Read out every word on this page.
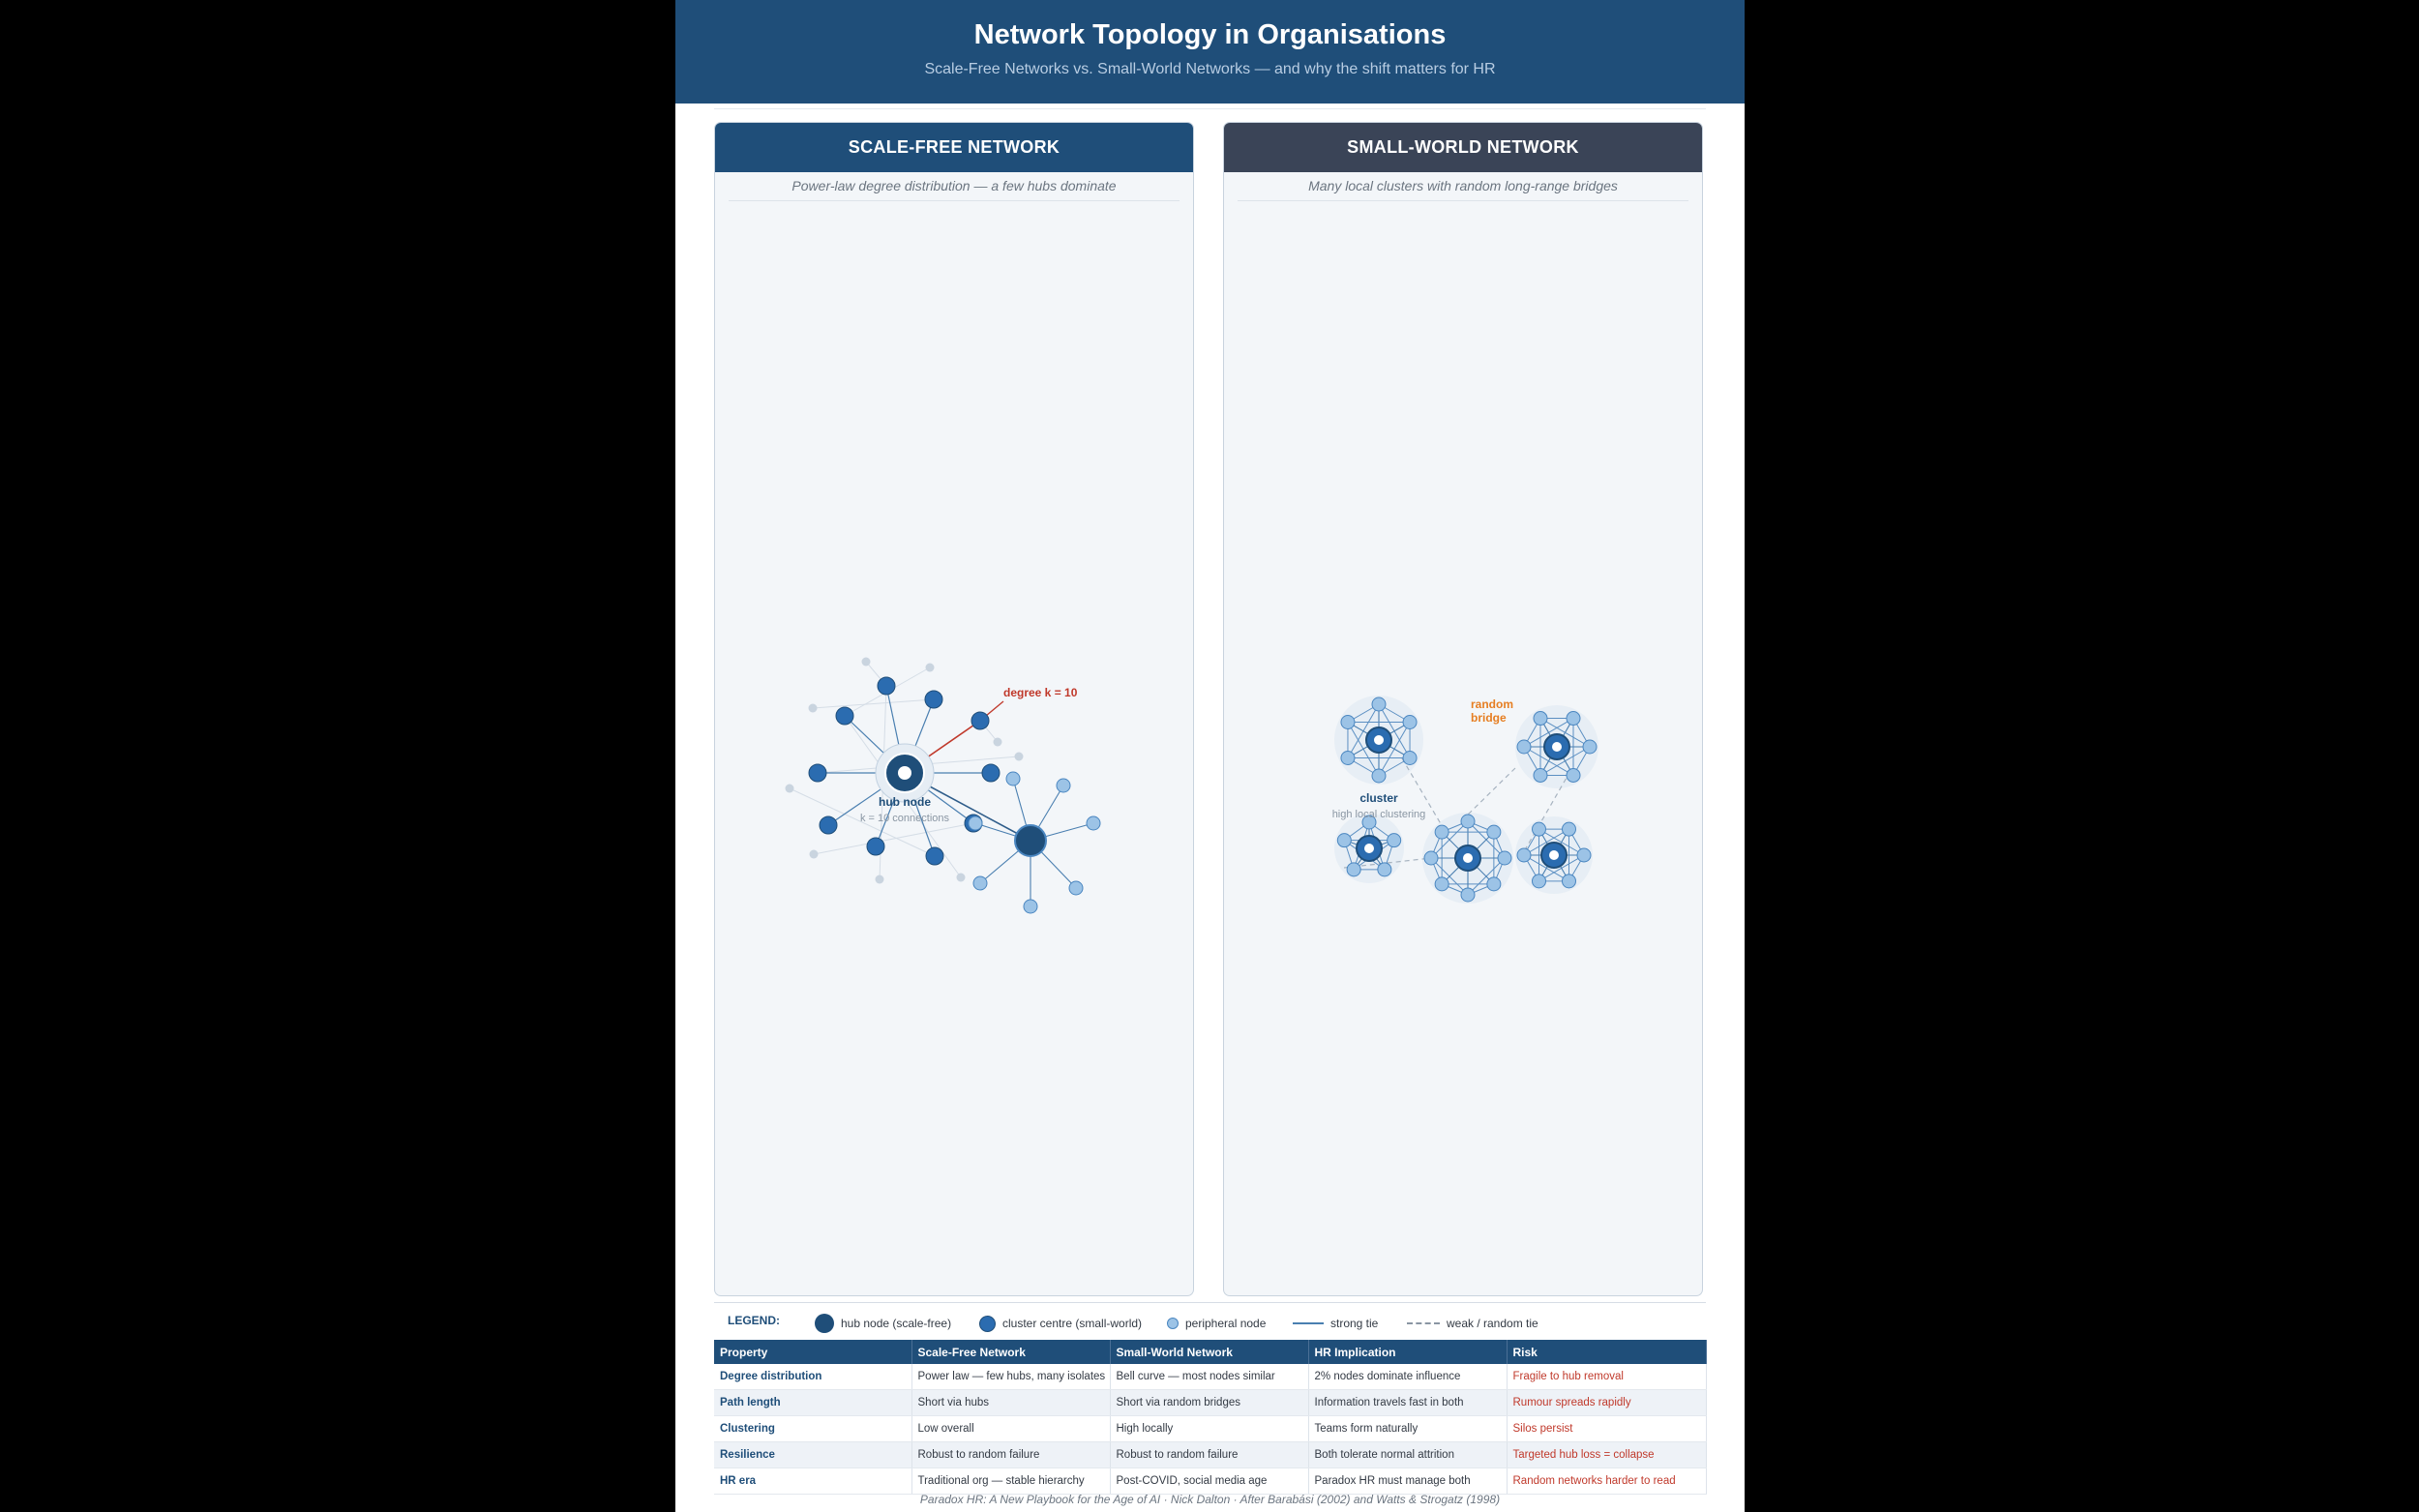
Network Topology in Organisations
Scale-Free Networks vs. Small-World Networks — and why the shift matters for HR
SCALE-FREE NETWORK
Power-law degree distribution — a few hubs dominate
degree k = 10
hub node
k = 10 connections
SMALL-WORLD NETWORK
Many local clusters with random long-range bridges
random
bridge
cluster
high local clustering
LEGEND:	hub node (scale-free)	cluster centre (small-world)	peripheral node	strong tie	weak / random tie
Property	Scale-Free Network	Small-World Network	HR Implication	Risk
Degree distribution	Power law — few hubs, many isolates	Bell curve — most nodes similar	2% nodes dominate influence	Fragile to hub removal
Path length	Short via hubs	Short via random bridges	Information travels fast in both	Rumour spreads rapidly
Clustering	Low overall	High locally	Teams form naturally	Silos persist
Resilience	Robust to random failure	Robust to random failure	Both tolerate normal attrition	Targeted hub loss = collapse
HR era	Traditional org — stable hierarchy	Post-COVID, social media age	Paradox HR must manage both	Random networks harder to read
Paradox HR: A New Playbook for the Age of AI · Nick Dalton · After Barabási (2002) and Watts & Strogatz (1998)
